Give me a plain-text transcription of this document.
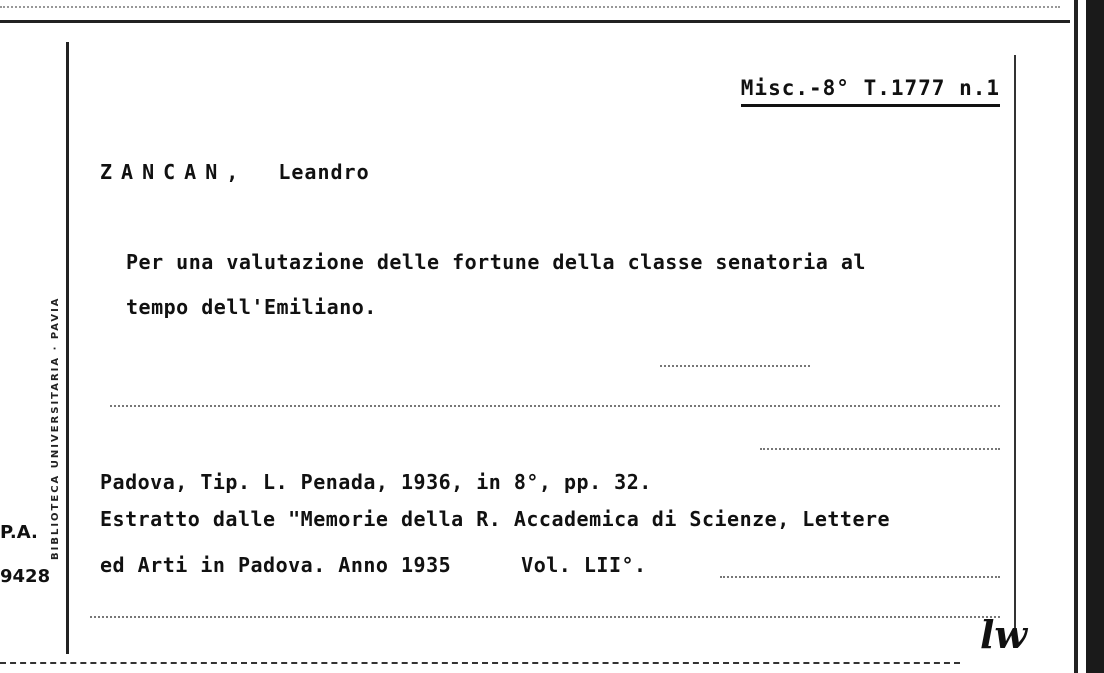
BIBLIOTECA UNIVERSITARIA · PAVIA
P.A.
9428
Misc.-8° T.1777 n.1
ZANCAN, Leandro
Per una valutazione delle fortune della classe senatoria al
tempo dell'Emiliano.
Padova, Tip. L. Penada, 1936, in 8°, pp. 32.
Estratto dalle "Memorie della R. Accademica di Scienze, Lettere
ed Arti in Padova. Anno 1935	Vol. LII°.
lw
